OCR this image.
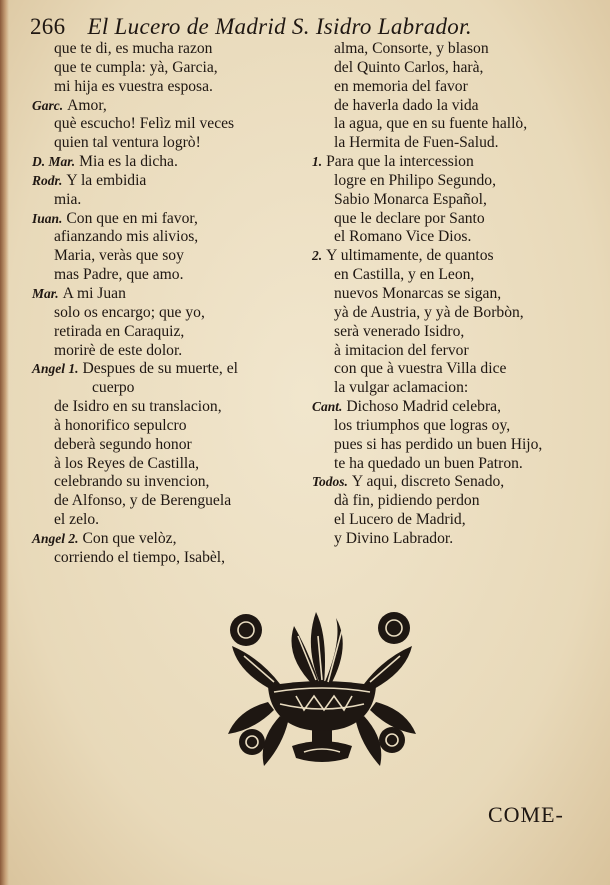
266 El Lucero de Madrid S. Isidro Labrador.
que te di, es mucha razon
que te cumpla: yà, Garcia,
mi hija es vuestra esposa.
Garc. Amor,
què escucho! Felìz mil veces
quien tal ventura logrò!
D. Mar. Mia es la dicha.
Rodr. Y la embidia
mia.
Iuan. Con que en mi favor,
afianzando mis alivios,
Maria, veràs que soy
mas Padre, que amo.
Mar. A mi Juan
solo os encargo; que yo,
retirada en Caraquiz,
morirè de este dolor.
Angel 1. Despues de su muerte, el
cuerpo
de Isidro en su translacion,
à honorifico sepulcro
deberà segundo honor
à los Reyes de Castilla,
celebrando su invencion,
de Alfonso, y de Berenguela
el zelo.
Angel 2. Con que velòz,
corriendo el tiempo, Isabèl,
alma, Consorte, y blason
del Quinto Carlos, harà,
en memoria del favor
de haverla dado la vida
la agua, que en su fuente hallò,
la Hermita de Fuen-Salud.
1. Para que la intercession
logre en Philipo Segundo,
Sabio Monarca Español,
que le declare por Santo
el Romano Vice Dios.
2. Y ultimamente, de quantos
en Castilla, y en Leon,
nuevos Monarcas se sigan,
yà de Austria, y yà de Borbòn,
serà venerado Isidro,
à imitacion del fervor
con que à vuestra Villa dice
la vulgar aclamacion:
Cant. Dichoso Madrid celebra,
los triumphos que logras oy,
pues si has perdido un buen Hijo,
te ha quedado un buen Patron.
Todos. Y aqui, discreto Senado,
dà fin, pidiendo perdon
el Lucero de Madrid,
y Divino Labrador.
COME-
